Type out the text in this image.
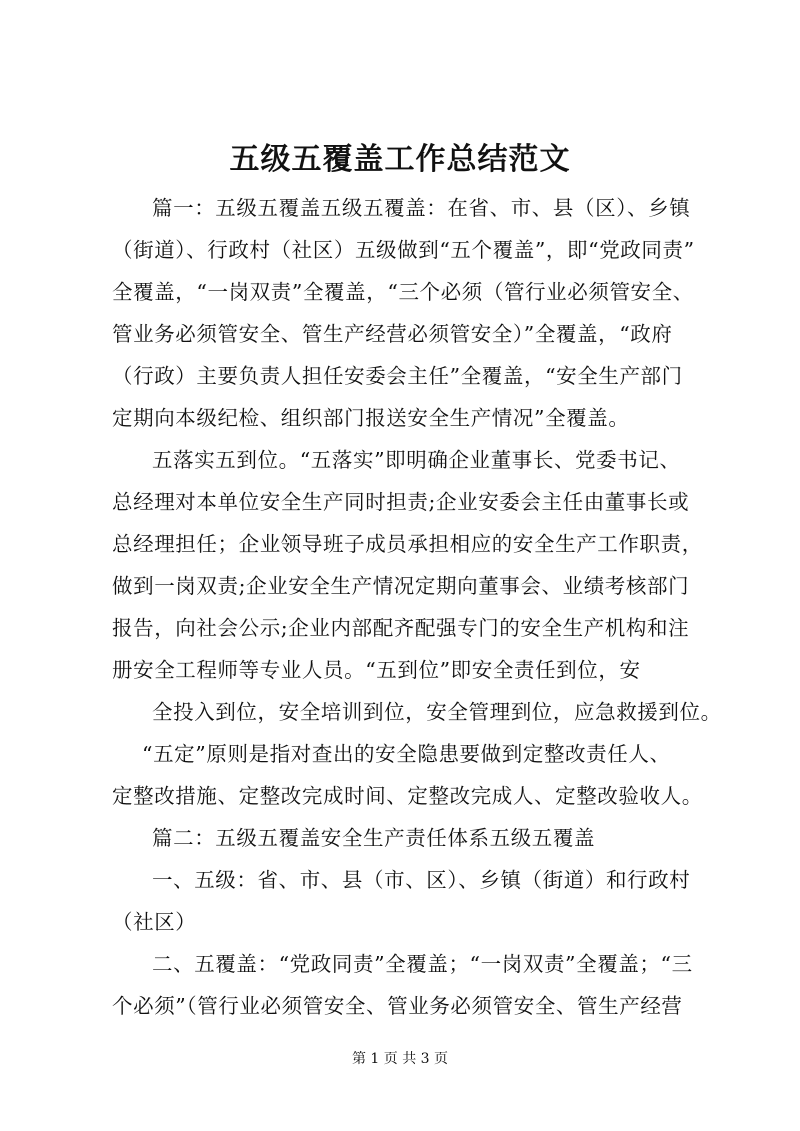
五级五覆盖工作总结范文
篇一：五级五覆盖五级五覆盖：在省、市、县（区）、乡镇
（街道）、行政村（社区）五级做到“五个覆盖”，即“党政同责”
全覆盖，“一岗双责”全覆盖，“三个必须（管行业必须管安全、
管业务必须管安全、管生产经营必须管安全）”全覆盖，“政府
（行政）主要负责人担任安委会主任”全覆盖，“安全生产部门
定期向本级纪检、组织部门报送安全生产情况”全覆盖。
五落实五到位。“五落实”即明确企业董事长、党委书记、
总经理对本单位安全生产同时担责;企业安委会主任由董事长或
总经理担任；企业领导班子成员承担相应的安全生产工作职责，
做到一岗双责;企业安全生产情况定期向董事会、业绩考核部门
报告，向社会公示;企业内部配齐配强专门的安全生产机构和注
册安全工程师等专业人员。“五到位”即安全责任到位，安
全投入到位，安全培训到位，安全管理到位，应急救援到位。
“五定”原则是指对查出的安全隐患要做到定整改责任人、
定整改措施、定整改完成时间、定整改完成人、定整改验收人。
篇二：五级五覆盖安全生产责任体系五级五覆盖
一、五级：省、市、县（市、区）、乡镇（街道）和行政村
（社区）
二、五覆盖：“党政同责”全覆盖；“一岗双责”全覆盖；“三
个必须”（管行业必须管安全、管业务必须管安全、管生产经营
第 1 页 共 3 页
